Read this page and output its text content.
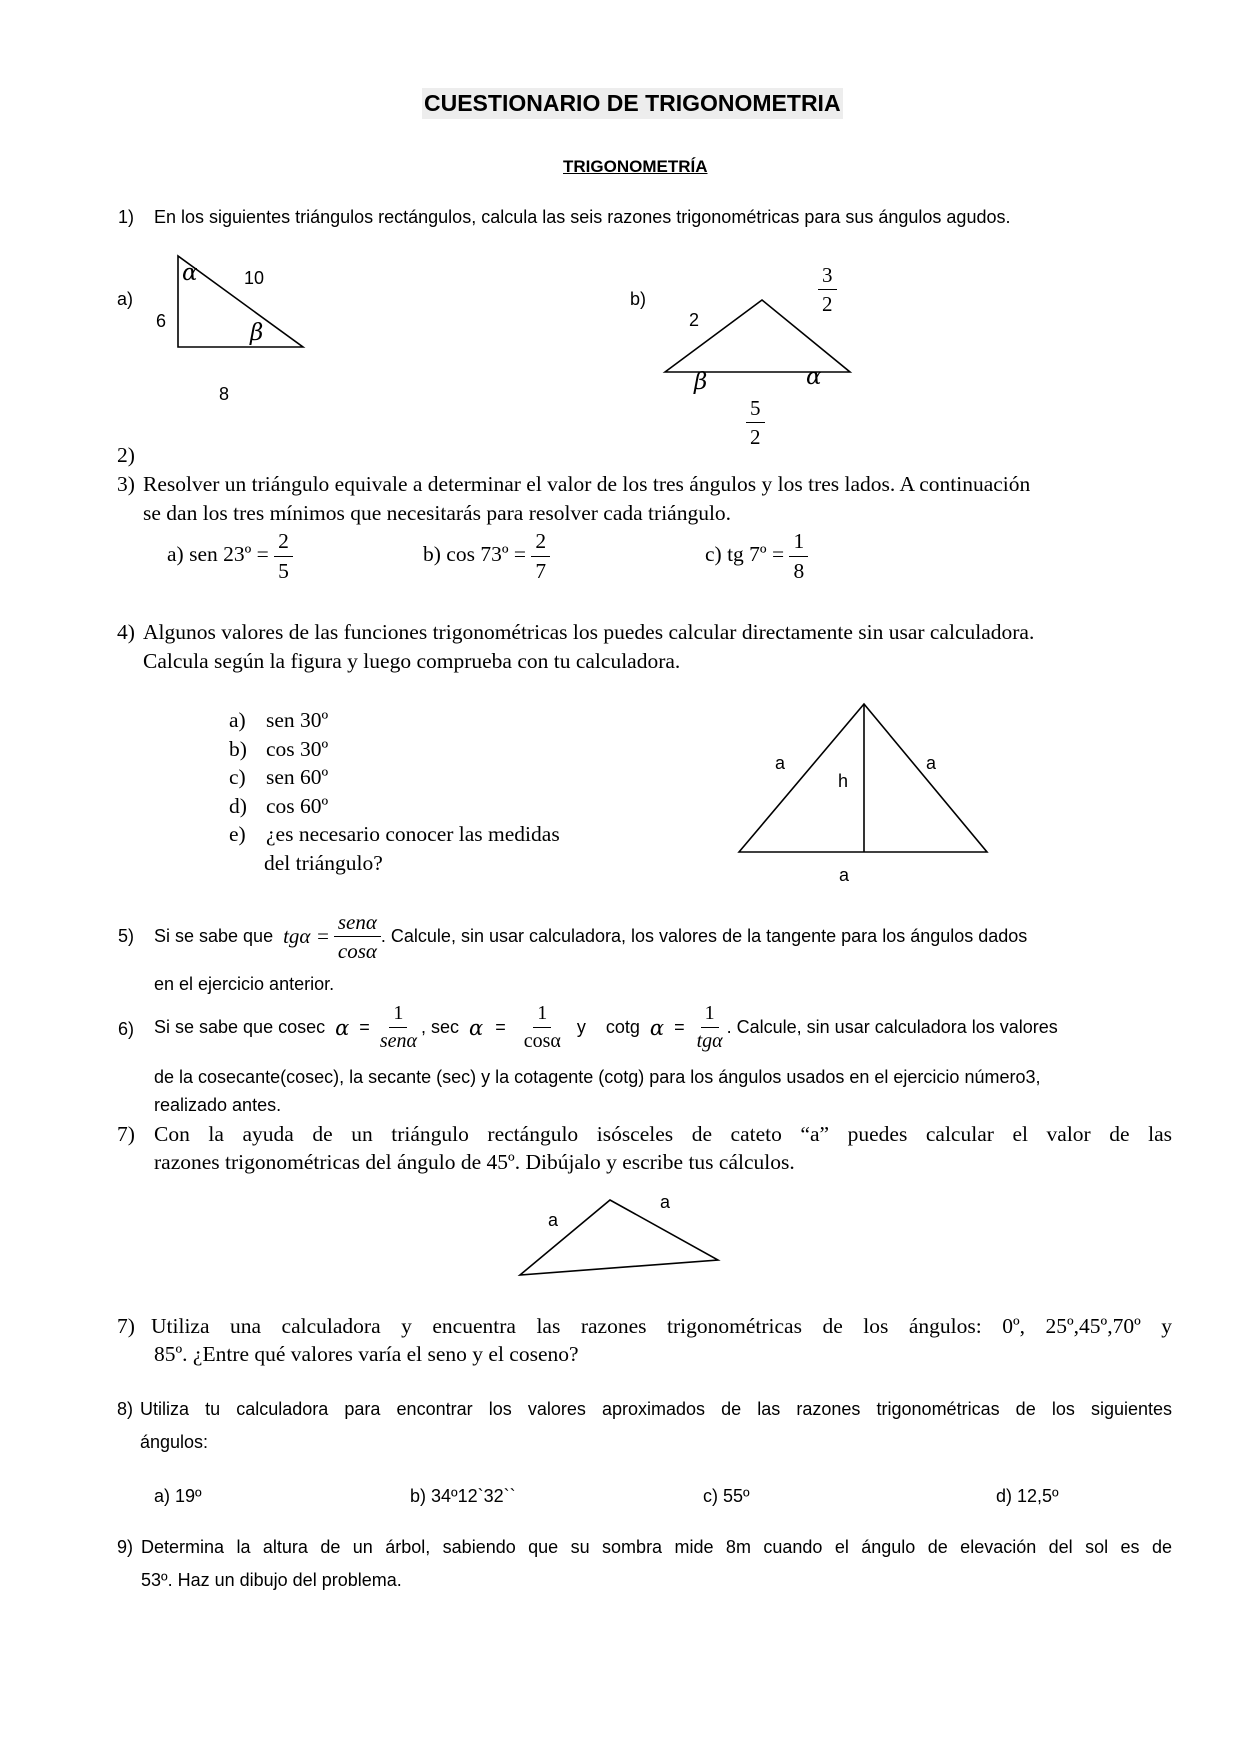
CUESTIONARIO DE TRIGONOMETRIA
TRIGONOMETRÍA
1) En los siguientes triángulos rectángulos, calcula las seis razones trigonométricas para sus ángulos agudos.
a)
α	10
6	β
8
b)
2
$\frac{3}{2}$
β	α
$\frac{5}{2}$
2)
3) Resolver un triángulo equivale a determinar el valor de los tres ángulos y los tres lados. A continuación
se dan los tres mínimos que necesitarás para resolver cada triángulo.
a) sen 23º = $\frac{2}{5}$	b) cos 73º = $\frac{2}{7}$	c) tg 7º = $\frac{1}{8}$
4) Algunos valores de las funciones trigonométricas los puedes calcular directamente sin usar calculadora.
Calcula según la figura y luego comprueba con tu calculadora.
a) sen 30º
b) cos 30º
c) sen 60º
d) cos 60º
e) ¿es necesario conocer las medidas
del triángulo?
a	a
h
a
5) Si se sabe que $tg\alpha = \frac{\text{senα}}{\cos\alpha}$ . Calcule, sin usar calculadora, los valores de la tangente para los ángulos dados
en el ejercicio anterior.
6) Si se sabe que cosec $\alpha = \frac{1}{\text{senα}}$ , $\sec \alpha = \frac{1}{\cos\alpha}$ y cotg $\alpha = \frac{1}{\text{tgα}}$ . Calcule, sin usar calculadora los valores
de la cosecante(cosec), la secante (sec) y la cotagente (cotg) para los ángulos usados en el ejercicio número3,
realizado antes.
7) Con la ayuda de un triángulo rectángulo isósceles de cateto “a” puedes calcular el valor de las
razones trigonométricas del ángulo de 45º. Dibújalo y escribe tus cálculos.
a
a
7) Utiliza una calculadora y encuentra las razones trigonométricas de los ángulos: 0º, 25º,45º,70º y
85º. ¿Entre qué valores varía el seno y el coseno?
8) Utiliza tu calculadora para encontrar los valores aproximados de las razones trigonométricas de los siguientes
ángulos:
a) 19º	b) 34º12`32``	c) 55º	d) 12,5º
9) Determina la altura de un árbol, sabiendo que su sombra mide 8m cuando el ángulo de elevación del sol es de
53º. Haz un dibujo del problema.
